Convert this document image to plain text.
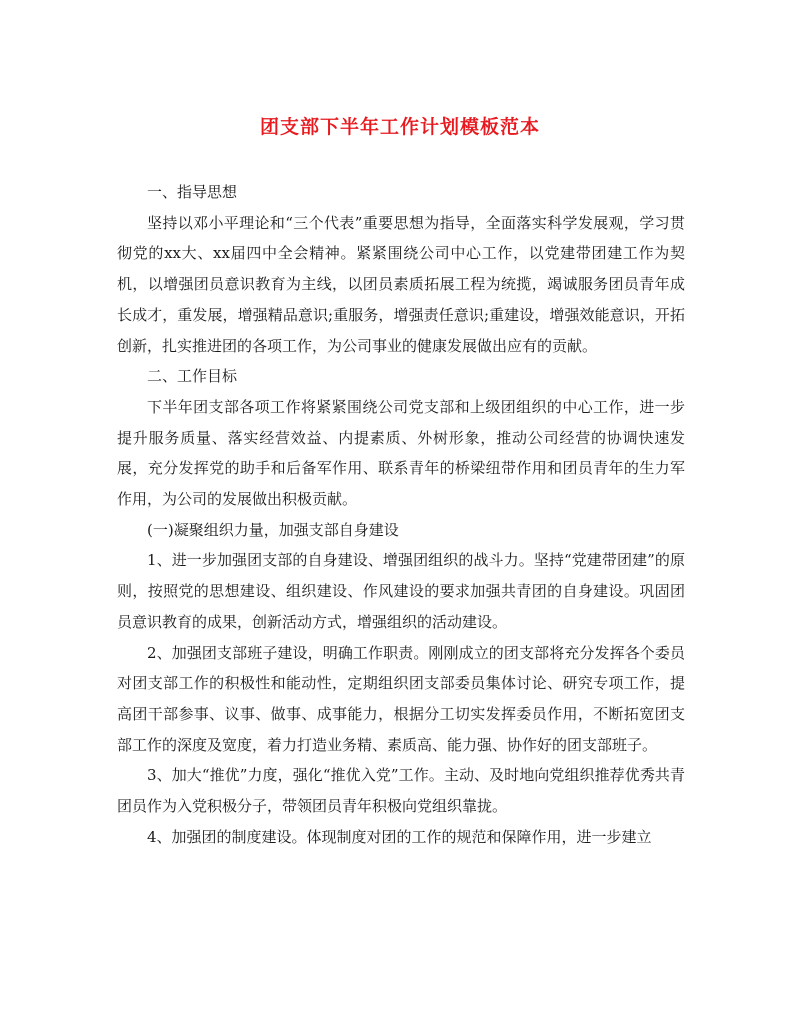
团支部下半年工作计划模板范本

一、指导思想

坚持以邓小平理论和“三个代表”重要思想为指导，全面落实科学发展观，学习贯彻党的xx大、xx届四中全会精神。紧紧围绕公司中心工作，以党建带团建工作为契机，以增强团员意识教育为主线，以团员素质拓展工程为统揽，竭诚服务团员青年成长成才，重发展，增强精品意识;重服务，增强责任意识;重建设，增强效能意识，开拓创新，扎实推进团的各项工作，为公司事业的健康发展做出应有的贡献。

二、工作目标

下半年团支部各项工作将紧紧围绕公司党支部和上级团组织的中心工作，进一步提升服务质量、落实经营效益、内提素质、外树形象，推动公司经营的协调快速发展，充分发挥党的助手和后备军作用、联系青年的桥梁纽带作用和团员青年的生力军作用，为公司的发展做出积极贡献。

(一)凝聚组织力量，加强支部自身建设

1、进一步加强团支部的自身建设、增强团组织的战斗力。坚持“党建带团建”的原则，按照党的思想建设、组织建设、作风建设的要求加强共青团的自身建设。巩固团员意识教育的成果，创新活动方式，增强组织的活动建设。

2、加强团支部班子建设，明确工作职责。刚刚成立的团支部将充分发挥各个委员对团支部工作的积极性和能动性，定期组织团支部委员集体讨论、研究专项工作，提高团干部参事、议事、做事、成事能力，根据分工切实发挥委员作用，不断拓宽团支部工作的深度及宽度，着力打造业务精、素质高、能力强、协作好的团支部班子。

3、加大“推优”力度，强化“推优入党”工作。主动、及时地向党组织推荐优秀共青团员作为入党积极分子，带领团员青年积极向党组织靠拢。

4、加强团的制度建设。体现制度对团的工作的规范和保障作用，进一步建立
